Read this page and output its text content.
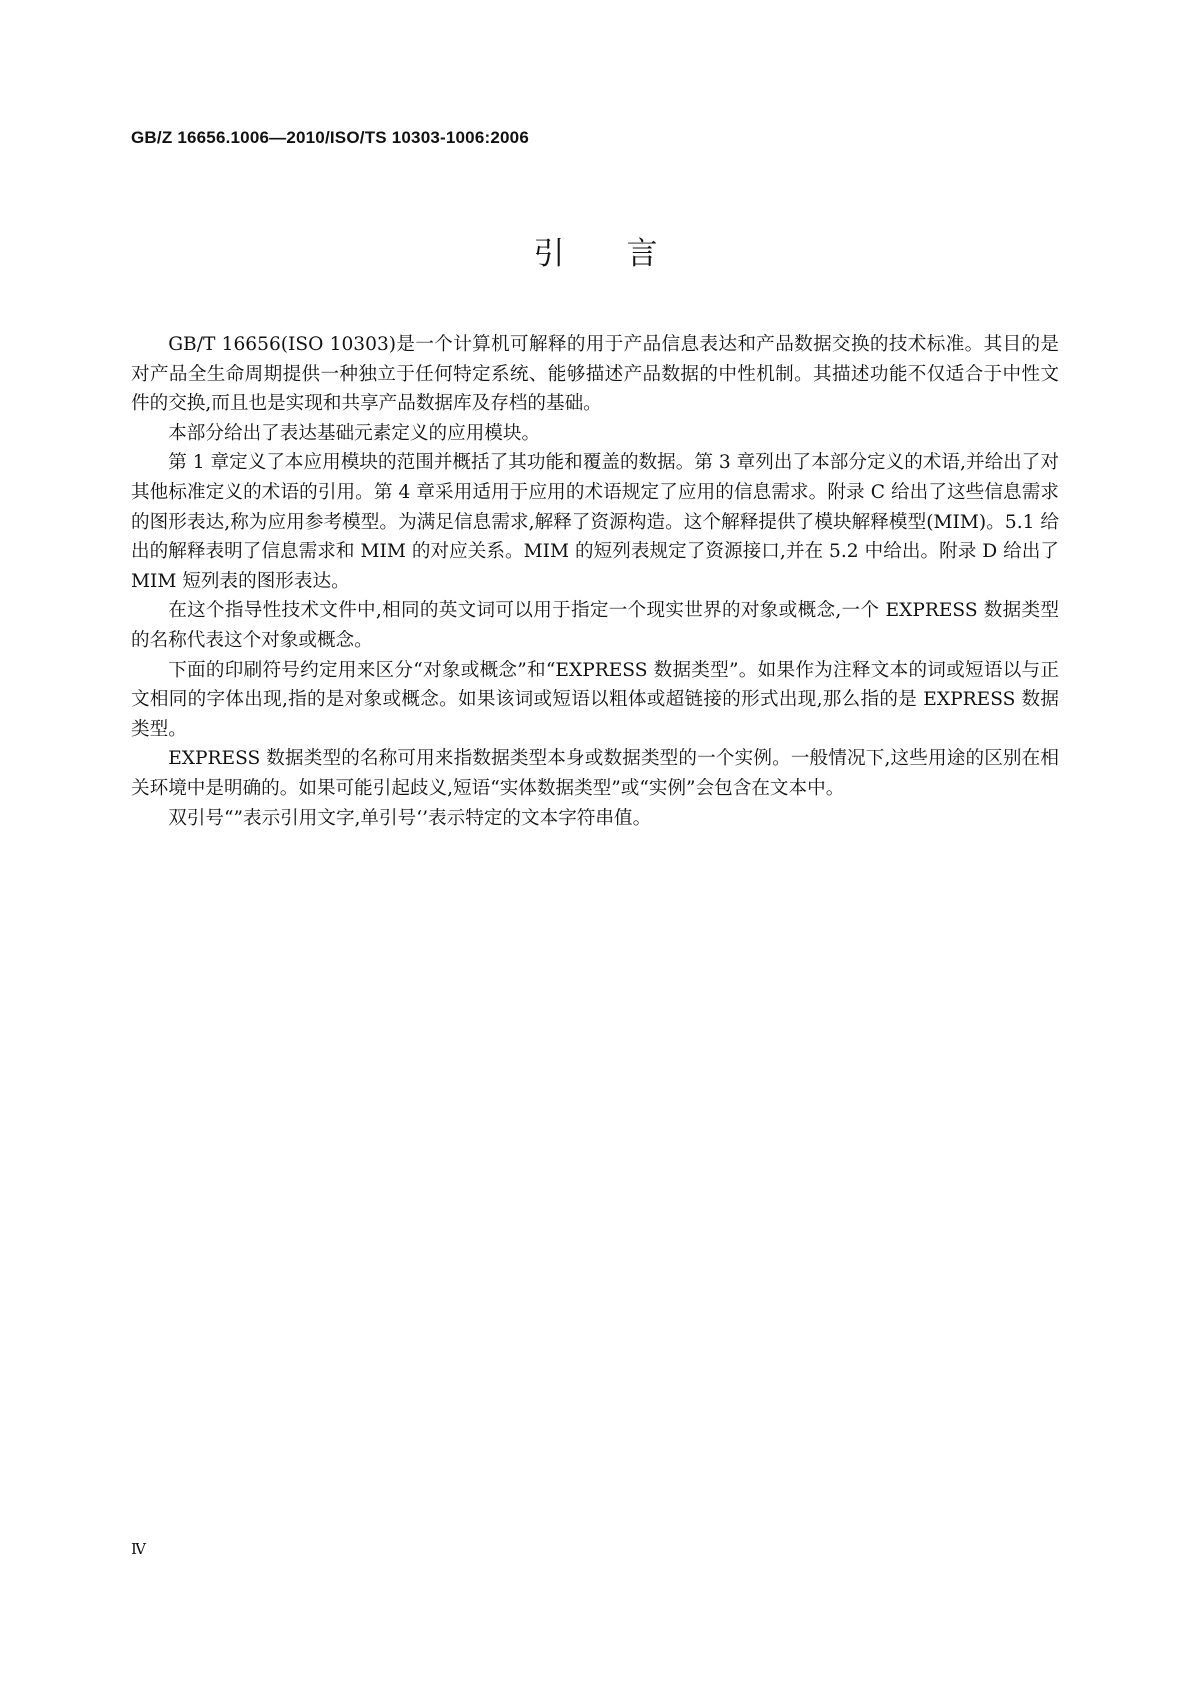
GB/Z 16656.1006—2010/ISO/TS 10303-1006:2006
引言

GB/T 16656(ISO 10303)是一个计算机可解释的用于产品信息表达和产品数据交换的技术标准。其目的是对产品全生命周期提供一种独立于任何特定系统、能够描述产品数据的中性机制。其描述功能不仅适合于中性文件的交换,而且也是实现和共享产品数据库及存档的基础。

本部分给出了表达基础元素定义的应用模块。

第 1 章定义了本应用模块的范围并概括了其功能和覆盖的数据。第 3 章列出了本部分定义的术语,并给出了对其他标准定义的术语的引用。第 4 章采用适用于应用的术语规定了应用的信息需求。附录 C 给出了这些信息需求的图形表达,称为应用参考模型。为满足信息需求,解释了资源构造。这个解释提供了模块解释模型(MIM)。5.1 给出的解释表明了信息需求和 MIM 的对应关系。MIM 的短列表规定了资源接口,并在 5.2 中给出。附录 D 给出了 MIM 短列表的图形表达。

在这个指导性技术文件中,相同的英文词可以用于指定一个现实世界的对象或概念,一个 EXPRESS 数据类型的名称代表这个对象或概念。

下面的印刷符号约定用来区分“对象或概念”和“EXPRESS 数据类型”。如果作为注释文本的词或短语以与正文相同的字体出现,指的是对象或概念。如果该词或短语以粗体或超链接的形式出现,那么指的是 EXPRESS 数据类型。

EXPRESS 数据类型的名称可用来指数据类型本身或数据类型的一个实例。一般情况下,这些用途的区别在相关环境中是明确的。如果可能引起歧义,短语“实体数据类型”或“实例”会包含在文本中。

双引号“”表示引用文字,单引号‘’表示特定的文本字符串值。

Ⅳ
